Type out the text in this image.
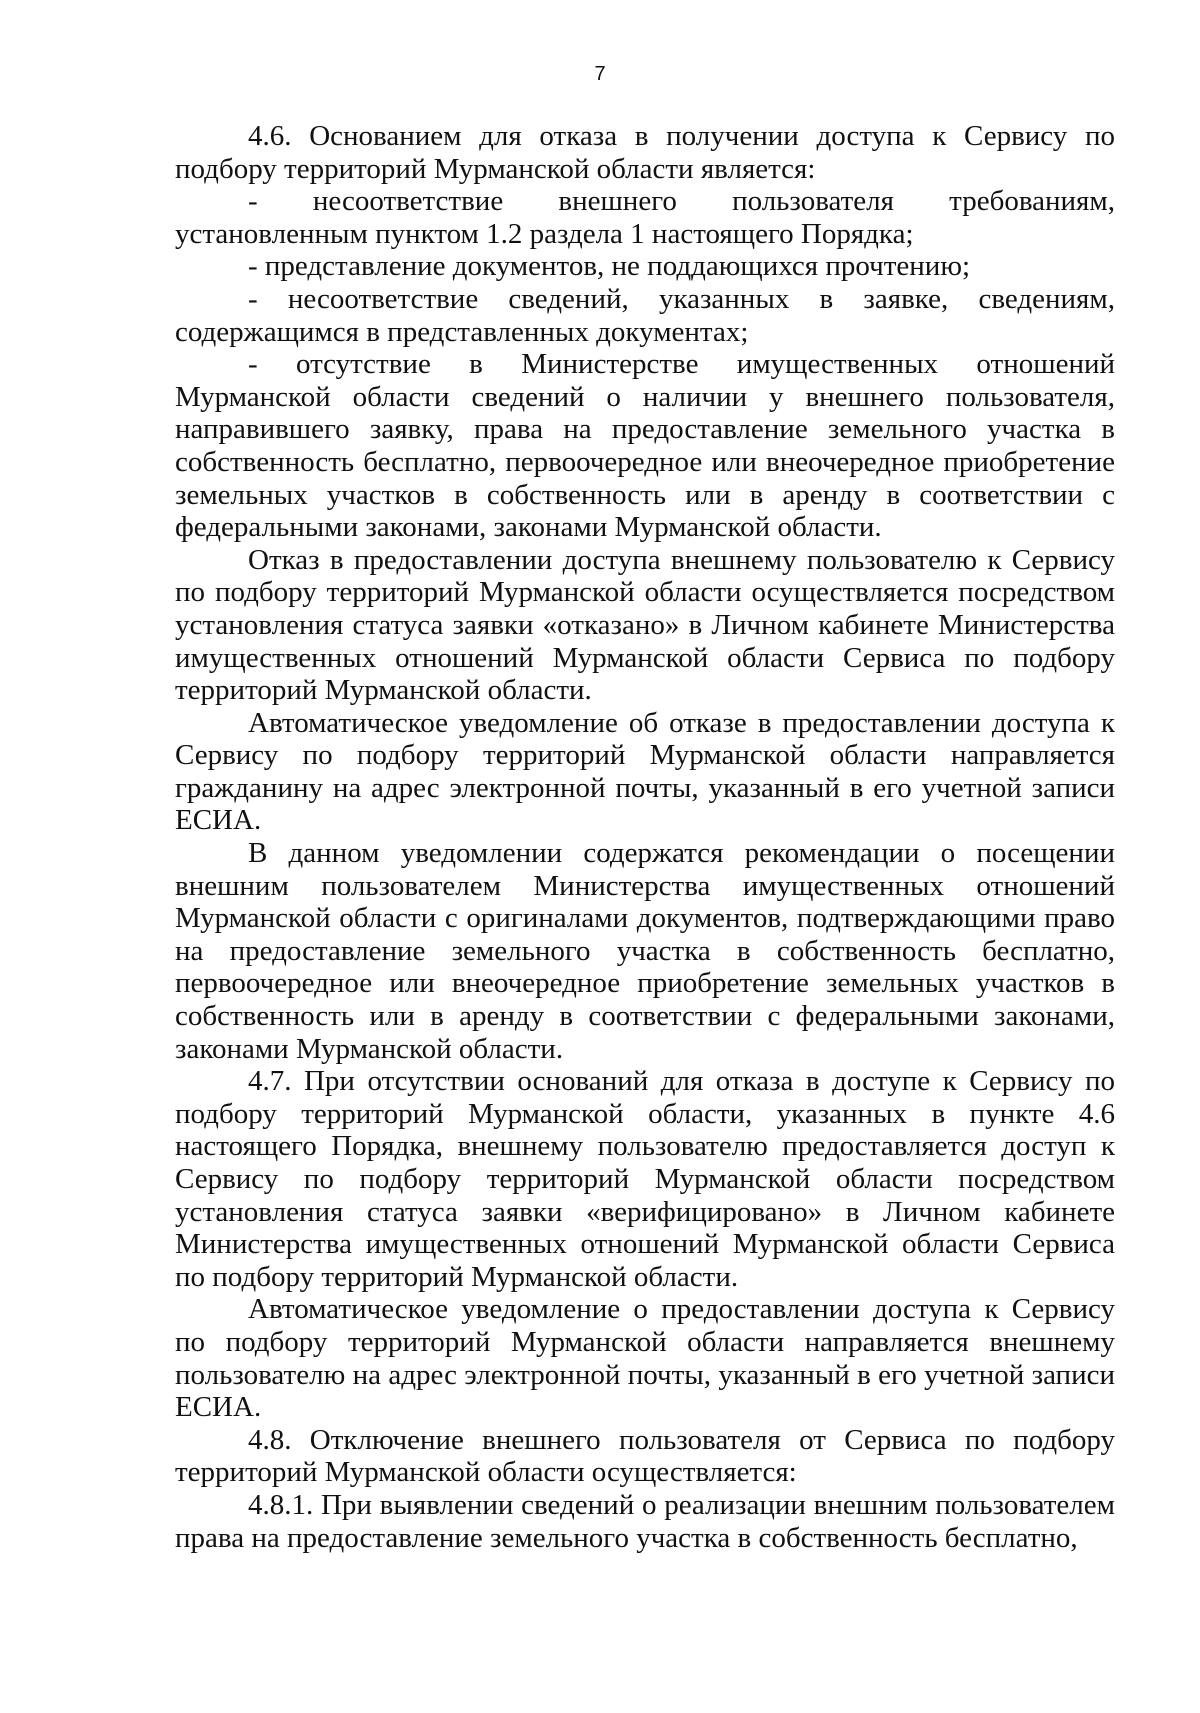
7

4.6. Основанием для отказа в получении доступа к Сервису по подбору территорий Мурманской области является:

- несоответствие внешнего пользователя требованиям, установленным пунктом 1.2 раздела 1 настоящего Порядка;

- представление документов, не поддающихся прочтению;

- несоответствие сведений, указанных в заявке, сведениям, содержащимся в представленных документах;

- отсутствие в Министерстве имущественных отношений Мурманской области сведений о наличии у внешнего пользователя, направившего заявку, права на предоставление земельного участка в собственность бесплатно, первоочередное или внеочередное приобретение земельных участков в собственность или в аренду в соответствии с федеральными законами, законами Мурманской области.

Отказ в предоставлении доступа внешнему пользователю к Сервису по подбору территорий Мурманской области осуществляется посредством установления статуса заявки «отказано» в Личном кабинете Министерства имущественных отношений Мурманской области Сервиса по подбору территорий Мурманской области.

Автоматическое уведомление об отказе в предоставлении доступа к Сервису по подбору территорий Мурманской области направляется гражданину на адрес электронной почты, указанный в его учетной записи ЕСИА.

В данном уведомлении содержатся рекомендации о посещении внешним пользователем Министерства имущественных отношений Мурманской области с оригиналами документов, подтверждающими право на предоставление земельного участка в собственность бесплатно, первоочередное или внеочередное приобретение земельных участков в собственность или в аренду в соответствии с федеральными законами, законами Мурманской области.

4.7. При отсутствии оснований для отказа в доступе к Сервису по подбору территорий Мурманской области, указанных в пункте 4.6 настоящего Порядка, внешнему пользователю предоставляется доступ к Сервису по подбору территорий Мурманской области посредством установления статуса заявки «верифицировано» в Личном кабинете Министерства имущественных отношений Мурманской области Сервиса по подбору территорий Мурманской области.

Автоматическое уведомление о предоставлении доступа к Сервису по подбору территорий Мурманской области направляется внешнему пользователю на адрес электронной почты, указанный в его учетной записи ЕСИА.

4.8. Отключение внешнего пользователя от Сервиса по подбору территорий Мурманской области осуществляется:

4.8.1. При выявлении сведений о реализации внешним пользователем права на предоставление земельного участка в собственность бесплатно,
